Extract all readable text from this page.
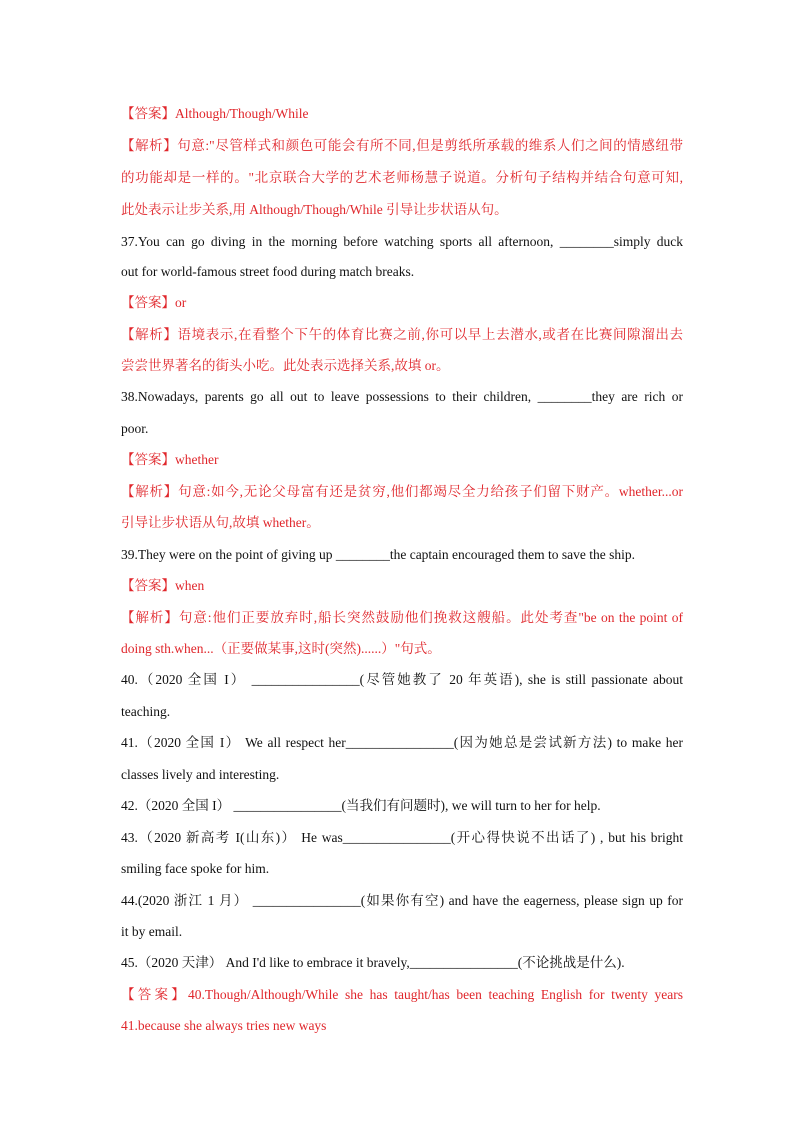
【答案】Although/Though/While
【解析】句意:"尽管样式和颜色可能会有所不同,但是剪纸所承载的维系人们之间的情感纽带
的功能却是一样的。"北京联合大学的艺术老师杨慧子说道。分析句子结构并结合句意可知,
此处表示让步关系,用 Although/Though/While 引导让步状语从句。
37.You can go diving in the morning before watching sports all afternoon, ________simply duck
out for world-famous street food during match breaks.
【答案】or
【解析】语境表示,在看整个下午的体育比赛之前,你可以早上去潜水,或者在比赛间隙溜出去
尝尝世界著名的街头小吃。此处表示选择关系,故填 or。
38.Nowadays, parents go all out to leave possessions to their children, ________they are rich or
poor.
【答案】whether
【解析】句意:如今,无论父母富有还是贫穷,他们都竭尽全力给孩子们留下财产。whether...or
引导让步状语从句,故填 whether。
39.They were on the point of giving up ________the captain encouraged them to save the ship.
【答案】when
【解析】句意:他们正要放弃时,船长突然鼓励他们挽救这艘船。此处考查"be on the point of
doing sth.when...（正要做某事,这时(突然)......）"句式。
40.（2020 全国 I） ________________(尽管她教了 20 年英语), she is still passionate about
teaching.
41.（2020 全国 I） We all respect her________________(因为她总是尝试新方法) to make her
classes lively and interesting.
42.（2020 全国 I） ________________(当我们有问题时), we will turn to her for help.
43.（2020 新高考 I(山东)） He was________________(开心得快说不出话了) , but his bright
smiling face spoke for him.
44.(2020 浙江 1 月） ________________(如果你有空) and have the eagerness, please sign up for
it by email.
45.（2020 天津） And I'd like to embrace it bravely,________________(不论挑战是什么).
【答案】40.Though/Although/While she has taught/has been teaching English for twenty years
41.because she always tries new ways
